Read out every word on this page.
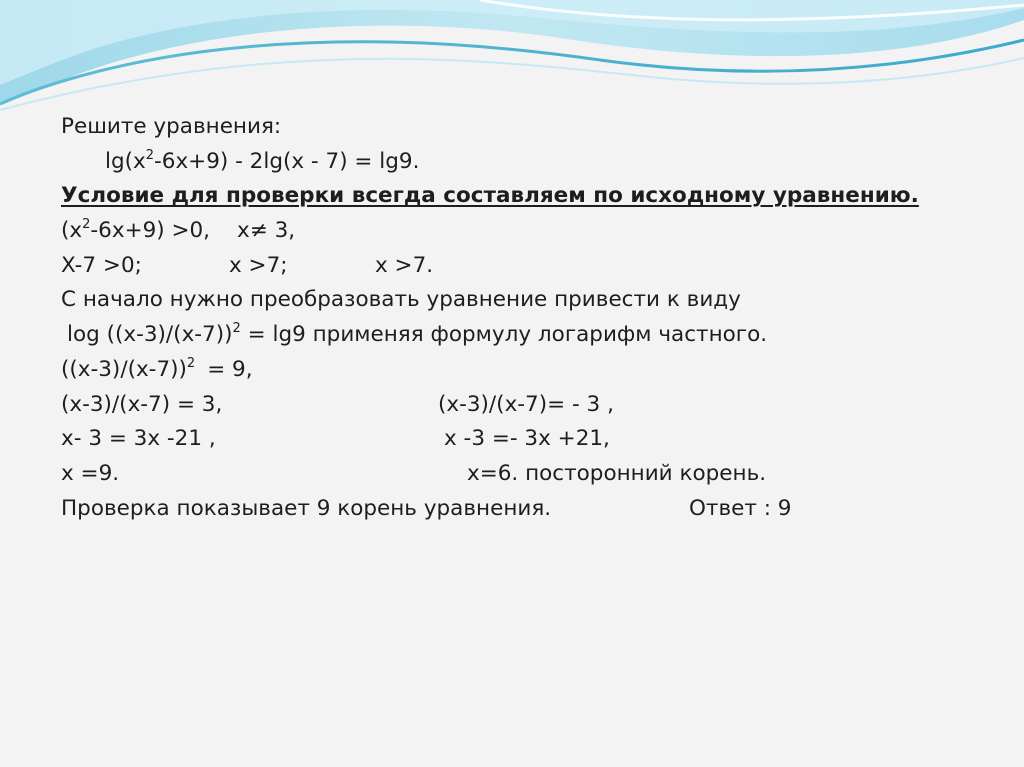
Решите уравнения:
$\lg(x^2-6x+9) - 2\lg(x - 7) = \lg 9$.
Условие для проверки всегда составляем по исходному уравнению.
$(x^2-6x+9) >0$, x≠ 3,
X-7 >0;	x >7;	x >7.
С начало нужно преобразовать уравнение привести к виду
$\log ((x-3)/(x-7))^2 = \lg 9$ применяя формулу логарифм частного.
$((x-3)/(x-7))^2 = 9$,
(x-3)/(x-7) = 3,	(x-3)/(x-7)= - 3 ,
x- 3 = 3x -21 ,	x -3 =- 3x +21,
x =9.	x=6. посторонний корень.
Проверка показывает 9 корень уравнения.	Ответ : 9
